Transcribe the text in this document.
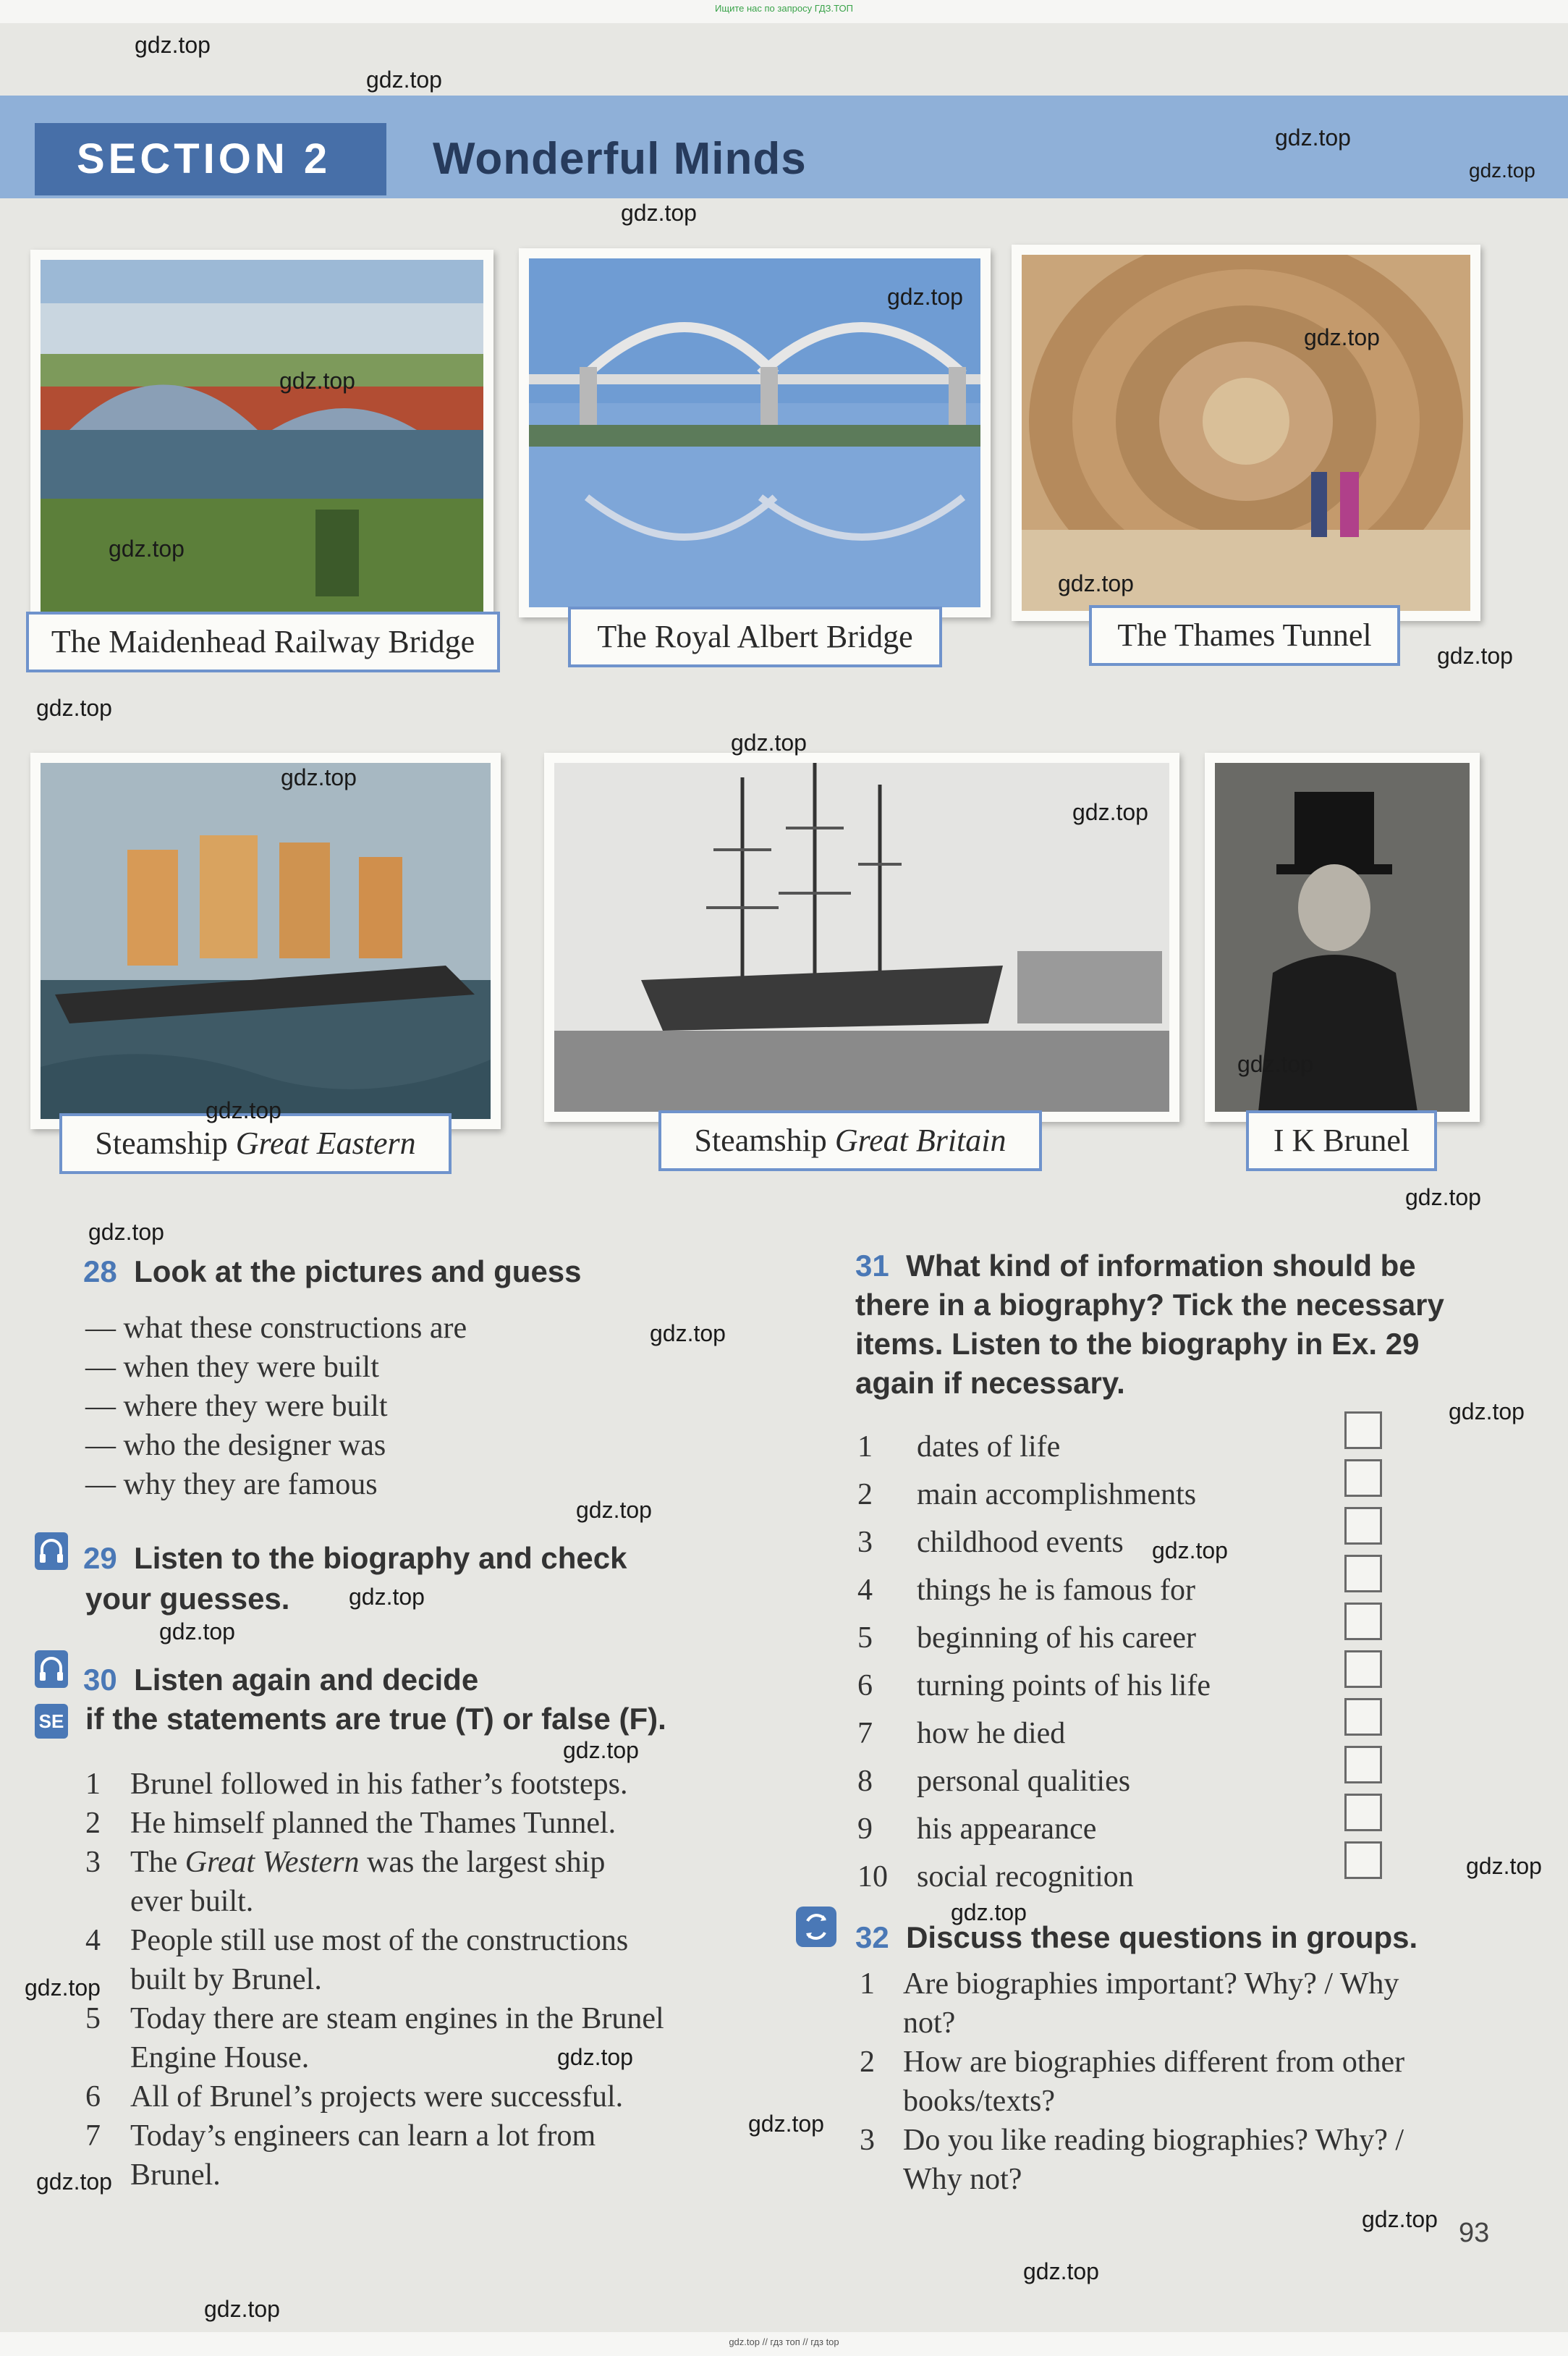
Ищите нас по запросу ГДЗ.ТОП
SECTION 2	Wonderful Minds
The Maidenhead Railway Bridge	The Royal Albert Bridge	The Thames Tunnel
Steamship Great Eastern	Steamship Great Britain	I K Brunel
28 Look at the pictures and guess
— what these constructions are
— when they were built
— where they were built
— who the designer was
— why they are famous
29 Listen to the biography and check
your guesses.
SE
30 Listen again and decide
if the statements are true (T) or false (F).
1 Brunel followed in his father’s footsteps.
2 He himself planned the Thames Tunnel.
3 The Great Western was the largest ship
ever built.
4 People still use most of the constructions
built by Brunel.
5 Today there are steam engines in the Brunel
Engine House.
6 All of Brunel’s projects were successful.
7 Today’s engineers can learn a lot from
Brunel.
31 What kind of information should be
there in a biography? Tick the necessary
items. Listen to the biography in Ex. 29
again if necessary.
1	dates of life
2	main accomplishments
3	childhood events
4	things he is famous for
5	beginning of his career
6	turning points of his life
7	how he died
8	personal qualities
9	his appearance
10 social recognition
32 Discuss these questions in groups.
1 Are biographies important? Why? / Why
not?
2 How are biographies different from other
books/texts?
3 Do you like reading biographies? Why? /
Why not?
93
gdz.top
gdz.top
gdz.top
gdz.top
gdz.top
gdz.top
gdz.top
gdz.top
gdz.top
gdz.top
gdz.top
gdz.top
gdz.top
gdz.top
gdz.top
gdz.top
gdz.top
gdz.top
gdz.top
gdz.top
gdz.top
gdz.top
gdz.top
gdz.top
gdz.top
gdz.top
gdz.top
gdz.top
gdz.top
gdz.top
gdz.top
gdz.top
gdz.top
gdz.top
gdz.top
gdz.top // гдз топ // гдз top
